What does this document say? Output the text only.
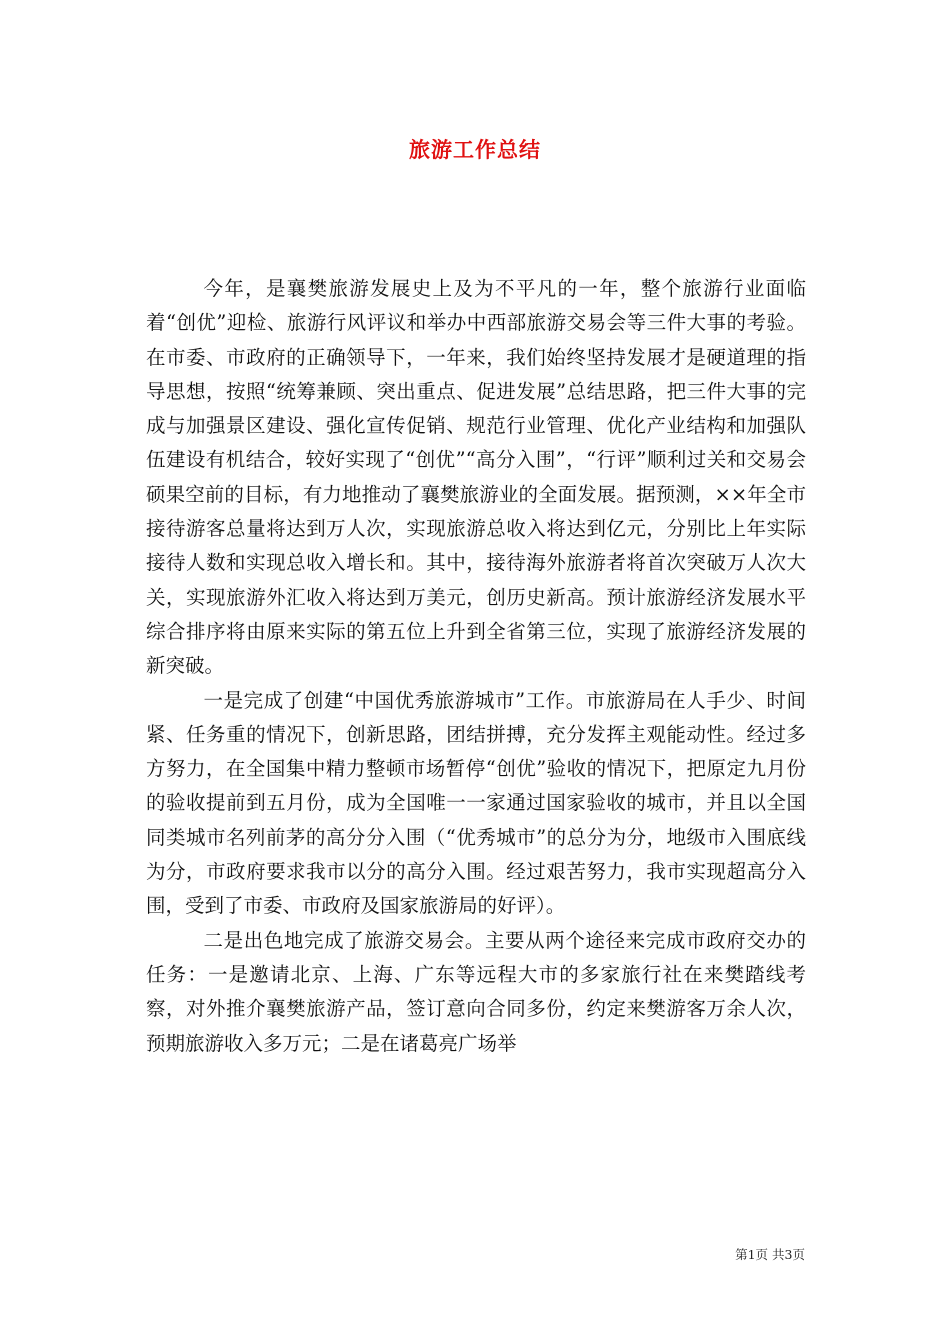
旅游工作总结

今年，是襄樊旅游发展史上及为不平凡的一年，整个旅游行业面临着“创优”迎检、旅游行风评议和举办中西部旅游交易会等三件大事的考验。在市委、市政府的正确领导下，一年来，我们始终坚持发展才是硬道理的指导思想，按照“统筹兼顾、突出重点、促进发展”总结思路，把三件大事的完成与加强景区建设、强化宣传促销、规范行业管理、优化产业结构和加强队伍建设有机结合，较好实现了“创优”“高分入围”，“行评”顺利过关和交易会硕果空前的目标，有力地推动了襄樊旅游业的全面发展。据预测，××年全市接待游客总量将达到万人次，实现旅游总收入将达到亿元，分别比上年实际接待人数和实现总收入增长和。其中，接待海外旅游者将首次突破万人次大关，实现旅游外汇收入将达到万美元，创历史新高。预计旅游经济发展水平综合排序将由原来实际的第五位上升到全省第三位，实现了旅游经济发展的新突破。

一是完成了创建“中国优秀旅游城市”工作。市旅游局在人手少、时间紧、任务重的情况下，创新思路，团结拼搏，充分发挥主观能动性。经过多方努力，在全国集中精力整顿市场暂停“创优”验收的情况下，把原定九月份的验收提前到五月份，成为全国唯一一家通过国家验收的城市，并且以全国同类城市名列前茅的高分分入围（“优秀城市”的总分为分，地级市入围底线为分，市政府要求我市以分的高分入围。经过艰苦努力，我市实现超高分入围，受到了市委、市政府及国家旅游局的好评）。

二是出色地完成了旅游交易会。主要从两个途径来完成市政府交办的任务：一是邀请北京、上海、广东等远程大市的多家旅行社在来樊踏线考察，对外推介襄樊旅游产品，签订意向合同多份，约定来樊游客万余人次，预期旅游收入多万元；二是在诸葛亮广场举

第1页 共3页
